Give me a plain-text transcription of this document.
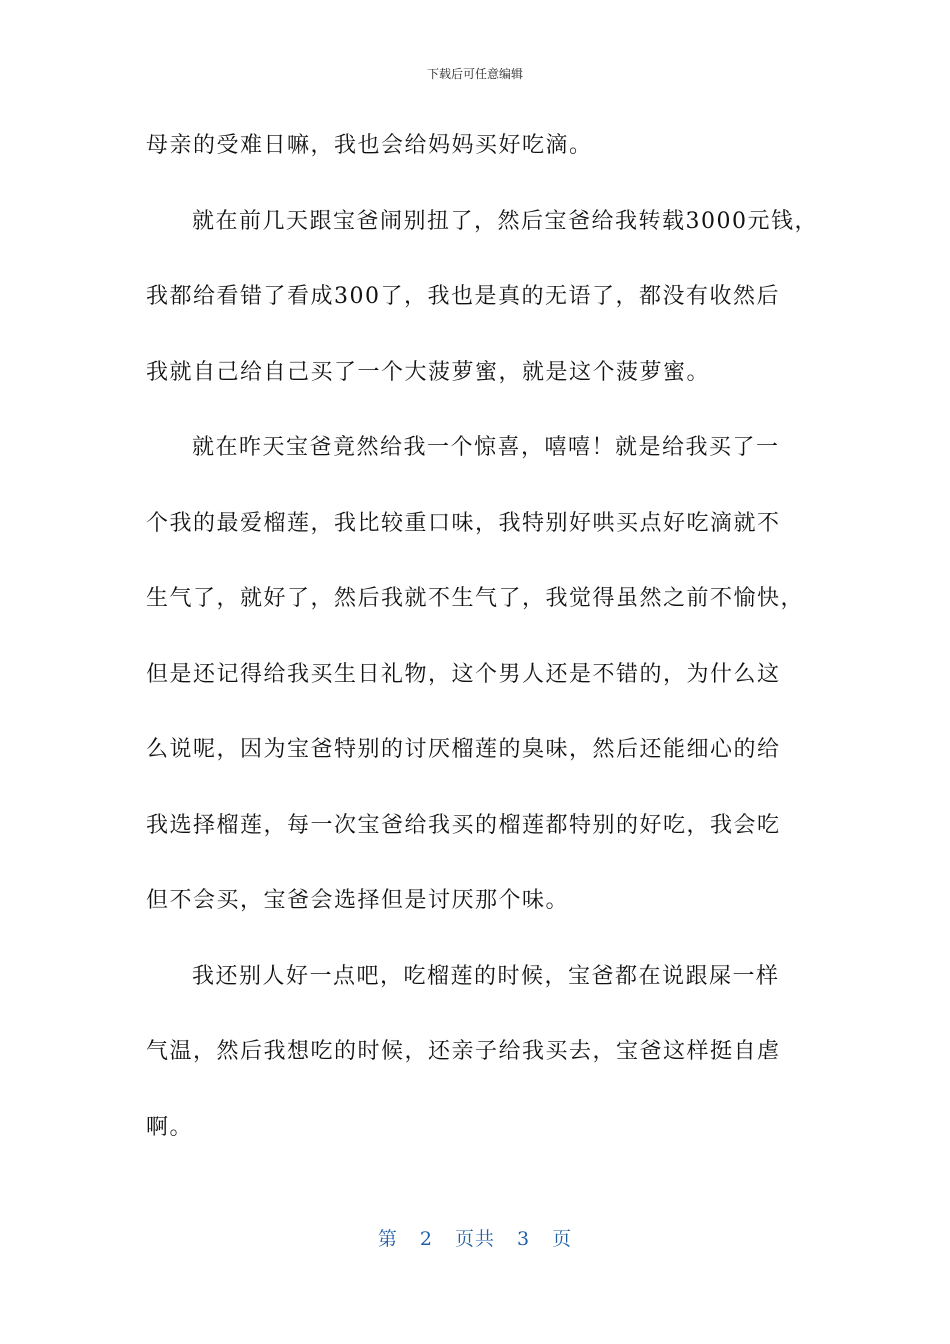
下载后可任意编辑
母亲的受难日嘛，我也会给妈妈买好吃滴。
就在前几天跟宝爸闹别扭了，然后宝爸给我转载3000元钱，
我都给看错了看成300了，我也是真的无语了，都没有收然后
我就自己给自己买了一个大菠萝蜜，就是这个菠萝蜜。
就在昨天宝爸竟然给我一个惊喜，嘻嘻！就是给我买了一
个我的最爱榴莲，我比较重口味，我特别好哄买点好吃滴就不
生气了，就好了，然后我就不生气了，我觉得虽然之前不愉快，
但是还记得给我买生日礼物，这个男人还是不错的，为什么这
么说呢，因为宝爸特别的讨厌榴莲的臭味，然后还能细心的给
我选择榴莲，每一次宝爸给我买的榴莲都特别的好吃，我会吃
但不会买，宝爸会选择但是讨厌那个味。
我还别人好一点吧，吃榴莲的时候，宝爸都在说跟屎一样
气温，然后我想吃的时候，还亲子给我买去，宝爸这样挺自虐
啊。
第 2 页共 3 页
